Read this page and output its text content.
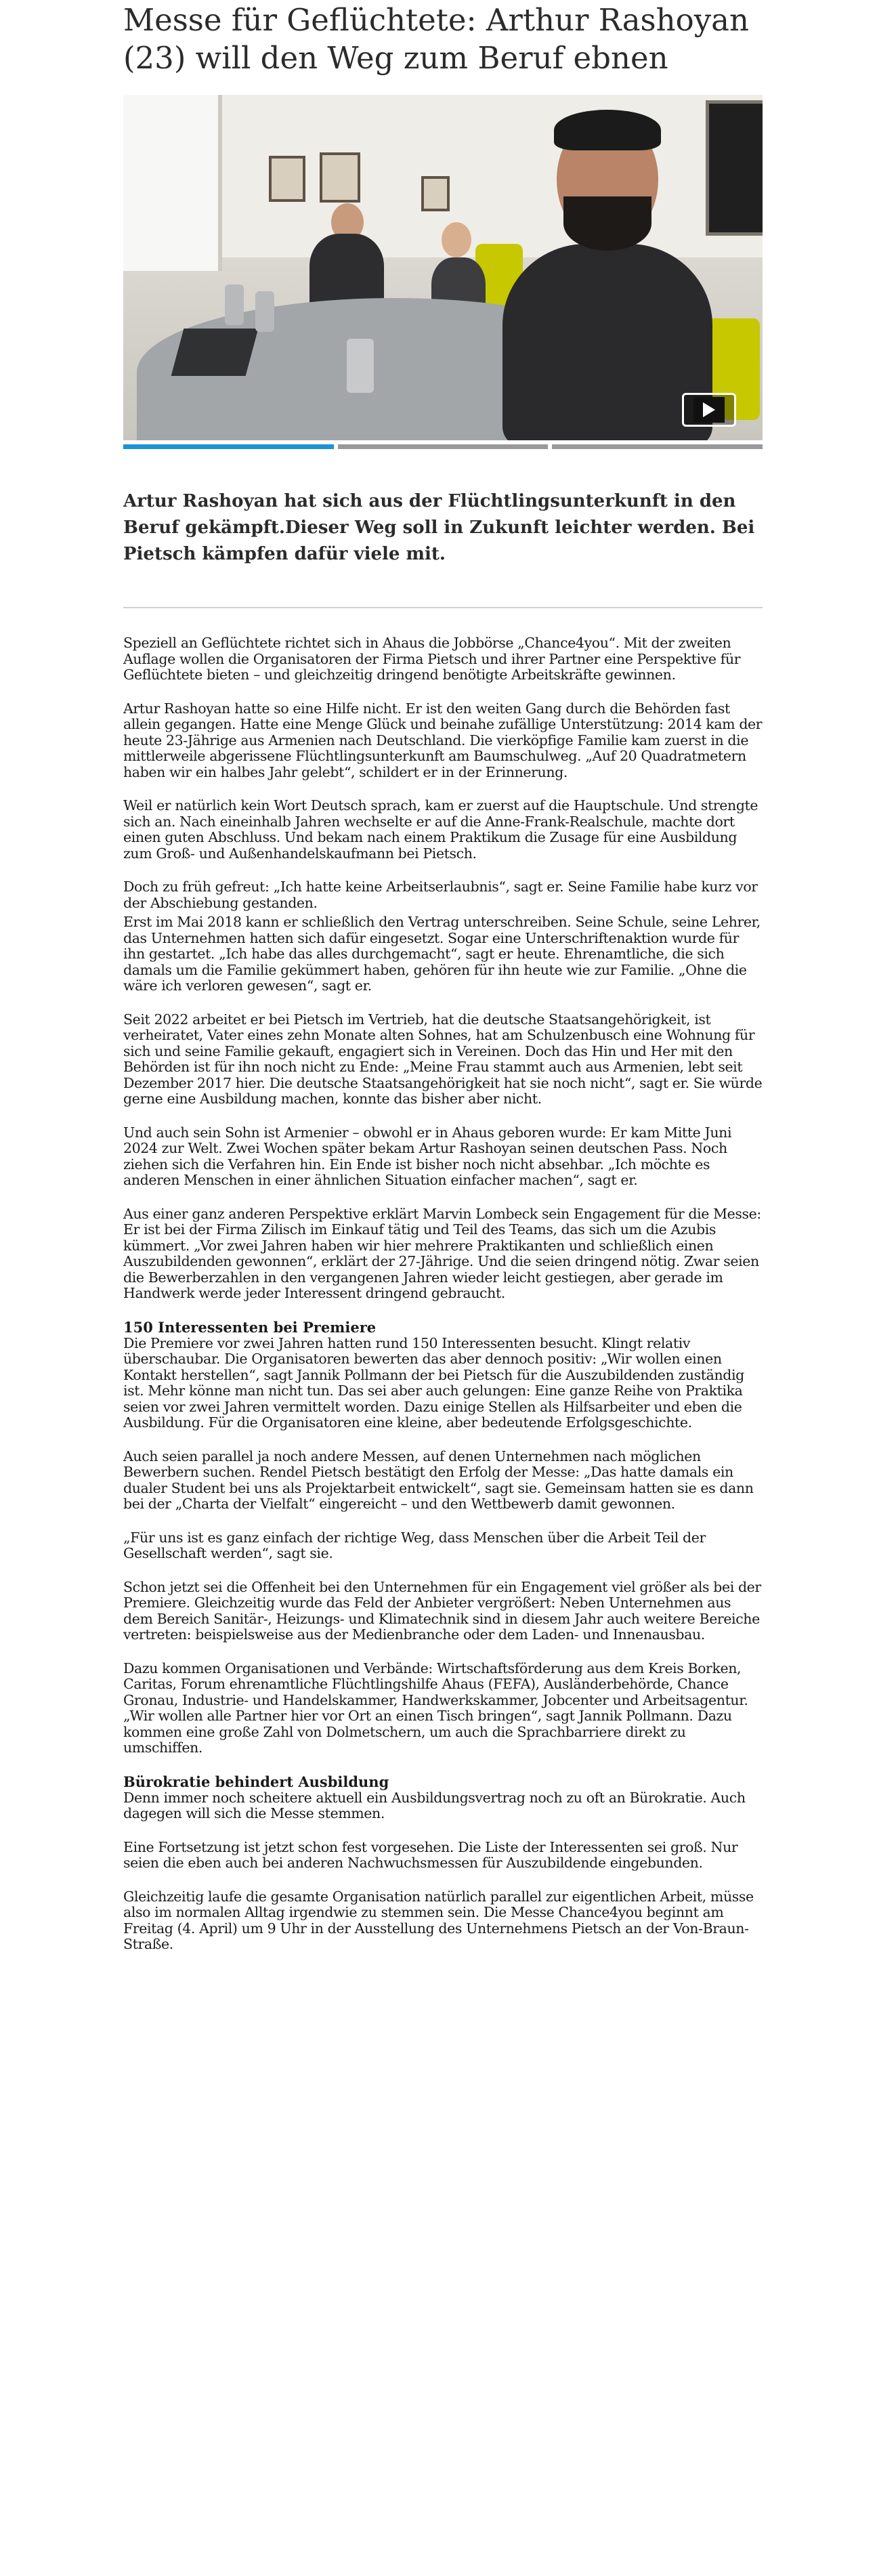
Messe für Geflüchtete: Arthur Rashoyan (23) will den Weg zum Beruf ebnen

Artur Rashoyan hat sich aus der Flüchtlingsunterkunft in den Beruf gekämpft.Dieser Weg soll in Zukunft leichter werden. Bei Pietsch kämpfen dafür viele mit.

Speziell an Geflüchtete richtet sich in Ahaus die Jobbörse „Chance4you“. Mit der zweiten Auflage wollen die Organisatoren der Firma Pietsch und ihrer Partner eine Perspektive für Geflüchtete bieten – und gleichzeitig dringend benötigte Arbeitskräfte gewinnen.

Artur Rashoyan hatte so eine Hilfe nicht. Er ist den weiten Gang durch die Behörden fast allein gegangen. Hatte eine Menge Glück und beinahe zufällige Unterstützung: 2014 kam der heute 23-Jährige aus Armenien nach Deutschland. Die vierköpfige Familie kam zuerst in die mittlerweile abgerissene Flüchtlingsunterkunft am Baumschulweg. „Auf 20 Quadratmetern haben wir ein halbes Jahr gelebt“, schildert er in der Erinnerung.

Weil er natürlich kein Wort Deutsch sprach, kam er zuerst auf die Hauptschule. Und strengte sich an. Nach eineinhalb Jahren wechselte er auf die Anne-Frank-Realschule, machte dort einen guten Abschluss. Und bekam nach einem Praktikum die Zusage für eine Ausbildung zum Groß- und Außenhandelskaufmann bei Pietsch.

Doch zu früh gefreut: „Ich hatte keine Arbeitserlaubnis“, sagt er. Seine Familie habe kurz vor der Abschiebung gestanden.

Erst im Mai 2018 kann er schließlich den Vertrag unterschreiben. Seine Schule, seine Lehrer, das Unternehmen hatten sich dafür eingesetzt. Sogar eine Unterschriftenaktion wurde für ihn gestartet. „Ich habe das alles durchgemacht“, sagt er heute. Ehrenamtliche, die sich damals um die Familie gekümmert haben, gehören für ihn heute wie zur Familie. „Ohne die wäre ich verloren gewesen“, sagt er.

Seit 2022 arbeitet er bei Pietsch im Vertrieb, hat die deutsche Staatsangehörigkeit, ist verheiratet, Vater eines zehn Monate alten Sohnes, hat am Schulzenbusch eine Wohnung für sich und seine Familie gekauft, engagiert sich in Vereinen. Doch das Hin und Her mit den Behörden ist für ihn noch nicht zu Ende: „Meine Frau stammt auch aus Armenien, lebt seit Dezember 2017 hier. Die deutsche Staatsangehörigkeit hat sie noch nicht“, sagt er. Sie würde gerne eine Ausbildung machen, konnte das bisher aber nicht.

Und auch sein Sohn ist Armenier – obwohl er in Ahaus geboren wurde: Er kam Mitte Juni 2024 zur Welt. Zwei Wochen später bekam Artur Rashoyan seinen deutschen Pass. Noch ziehen sich die Verfahren hin. Ein Ende ist bisher noch nicht absehbar. „Ich möchte es anderen Menschen in einer ähnlichen Situation einfacher machen“, sagt er.

Aus einer ganz anderen Perspektive erklärt Marvin Lombeck sein Engagement für die Messe: Er ist bei der Firma Zilisch im Einkauf tätig und Teil des Teams, das sich um die Azubis kümmert. „Vor zwei Jahren haben wir hier mehrere Praktikanten und schließlich einen Auszubildenden gewonnen“, erklärt der 27-Jährige. Und die seien dringend nötig. Zwar seien die Bewerberzahlen in den vergangenen Jahren wieder leicht gestiegen, aber gerade im Handwerk werde jeder Interessent dringend gebraucht.

150 Interessenten bei Premiere

Die Premiere vor zwei Jahren hatten rund 150 Interessenten besucht. Klingt relativ überschaubar. Die Organisatoren bewerten das aber dennoch positiv: „Wir wollen einen Kontakt herstellen“, sagt Jannik Pollmann der bei Pietsch für die Auszubildenden zuständig ist. Mehr könne man nicht tun. Das sei aber auch gelungen: Eine ganze Reihe von Praktika seien vor zwei Jahren vermittelt worden. Dazu einige Stellen als Hilfsarbeiter und eben die Ausbildung. Für die Organisatoren eine kleine, aber bedeutende Erfolgsgeschichte.

Auch seien parallel ja noch andere Messen, auf denen Unternehmen nach möglichen Bewerbern suchen. Rendel Pietsch bestätigt den Erfolg der Messe: „Das hatte damals ein dualer Student bei uns als Projektarbeit entwickelt“, sagt sie. Gemeinsam hatten sie es dann bei der „Charta der Vielfalt“ eingereicht – und den Wettbewerb damit gewonnen.

„Für uns ist es ganz einfach der richtige Weg, dass Menschen über die Arbeit Teil der Gesellschaft werden“, sagt sie.

Schon jetzt sei die Offenheit bei den Unternehmen für ein Engagement viel größer als bei der Premiere. Gleichzeitig wurde das Feld der Anbieter vergrößert: Neben Unternehmen aus dem Bereich Sanitär-, Heizungs- und Klimatechnik sind in diesem Jahr auch weitere Bereiche vertreten: beispielsweise aus der Medienbranche oder dem Laden- und Innenausbau.

Dazu kommen Organisationen und Verbände: Wirtschaftsförderung aus dem Kreis Borken, Caritas, Forum ehrenamtliche Flüchtlingshilfe Ahaus (FEFA), Ausländerbehörde, Chance Gronau, Industrie- und Handelskammer, Handwerkskammer, Jobcenter und Arbeitsagentur. „Wir wollen alle Partner hier vor Ort an einen Tisch bringen“, sagt Jannik Pollmann. Dazu kommen eine große Zahl von Dolmetschern, um auch die Sprachbarriere direkt zu umschiffen.

Bürokratie behindert Ausbildung

Denn immer noch scheitere aktuell ein Ausbildungsvertrag noch zu oft an Bürokratie. Auch dagegen will sich die Messe stemmen.

Eine Fortsetzung ist jetzt schon fest vorgesehen. Die Liste der Interessenten sei groß. Nur seien die eben auch bei anderen Nachwuchsmessen für Auszubildende eingebunden.

Gleichzeitig laufe die gesamte Organisation natürlich parallel zur eigentlichen Arbeit, müsse also im normalen Alltag irgendwie zu stemmen sein. Die Messe Chance4you beginnt am Freitag (4. April) um 9 Uhr in der Ausstellung des Unternehmens Pietsch an der Von-Braun-Straße.
